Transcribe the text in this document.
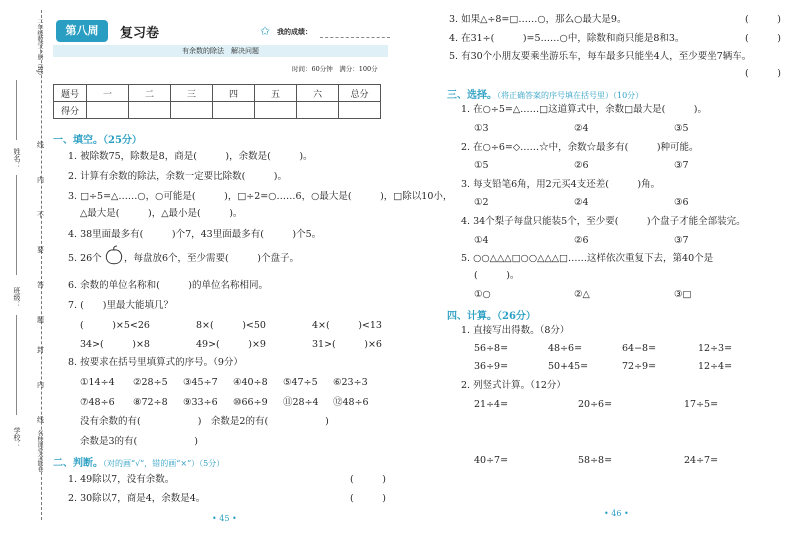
二年级数学下册（RJ）
名校课堂全能卷
姓名：
班级：
学校：
线
内
不
要
答
题
封
内
线
第八周	复习卷	✩ 我的成绩：
有余数的除法　解决问题
时间：60分钟　满分：100分
题号	一	二	三	四	五	六	总分
得分							
一、填空。（25分）
1. 被除数75，除数是8，商是(　　　)，余数是(　　　)。
2. 计算有余数的除法，余数一定要比除数(　　　)。
3. □÷5=△……○，○可能是(　　　)，□÷2=○……6，○最大是(　　　)，□除以10小，
△最大是(　　　)，△最小是(　　　)。
4. 38里面最多有(　　　)个7，43里面最多有(　　　)个5。
5. 26个 ，每盘放6个，至少需要(　　　)个盘子。
6. 余数的单位名称和(　　　)的单位名称相同。
7. (　　)里最大能填几？
(　　　)×5<26	8×(　　　)<50	4×(　　　)<13
34>(　　　)×8	49>(　　　)×9	31>(　　　)×6
8. 按要求在括号里填算式的序号。（9分）
①14÷4 ②28÷5 ③45÷7 ④40÷8 ⑤47÷5 ⑥23÷3
⑦48÷6 ⑧72÷8 ⑨33÷6 ⑩66÷9 ⑪28÷4 ⑫48÷6
没有余数的有(　　　　　　)　余数是2的有(　　　　　　)
余数是3的有(　　　　　　)
二、判断。（对的画“√”，错的画“×”）（5分）
1. 49除以7，没有余数。	(　　　)
2. 30除以7，商是4，余数是4。	(　　　)
• 45 •
3. 如果△÷8=□……○，那么○最大是9。	(　　　)
4. 在31÷(　　　)=5……○中，除数和商只能是8和3。	(　　　)
5. 有30个小朋友要乘坐游乐车，每车最多只能坐4人，至少要坐7辆车。
(　　　)
三、选择。（将正确答案的序号填在括号里）（10分）
1. 在○÷5=△……□这道算式中，余数□最大是(　　　)。
①3	②4	③5
2. 在○÷6=◇……☆中，余数☆最多有(　　　)种可能。
①5	②6	③7
3. 每支铅笔6角，用2元买4支还差(　　　)角。
①2	②4	③6
4. 34个梨子每盘只能装5个，至少要(　　　)个盘子才能全部装完。
①4	②6	③7
5. ○○△△△□○○△△△□……这样依次重复下去，第40个是
(　　　)。
①○	②△	③□
四、计算。（26分）
1. 直接写出得数。（8分）
56÷8=	48÷6=	64−8=	12÷3=
36÷9=	50+45=	72÷9=	12÷4=
2. 列竖式计算。（12分）
21÷4=	20÷6=	17÷5=
40÷7=	58÷8=	24÷7=
• 46 •
